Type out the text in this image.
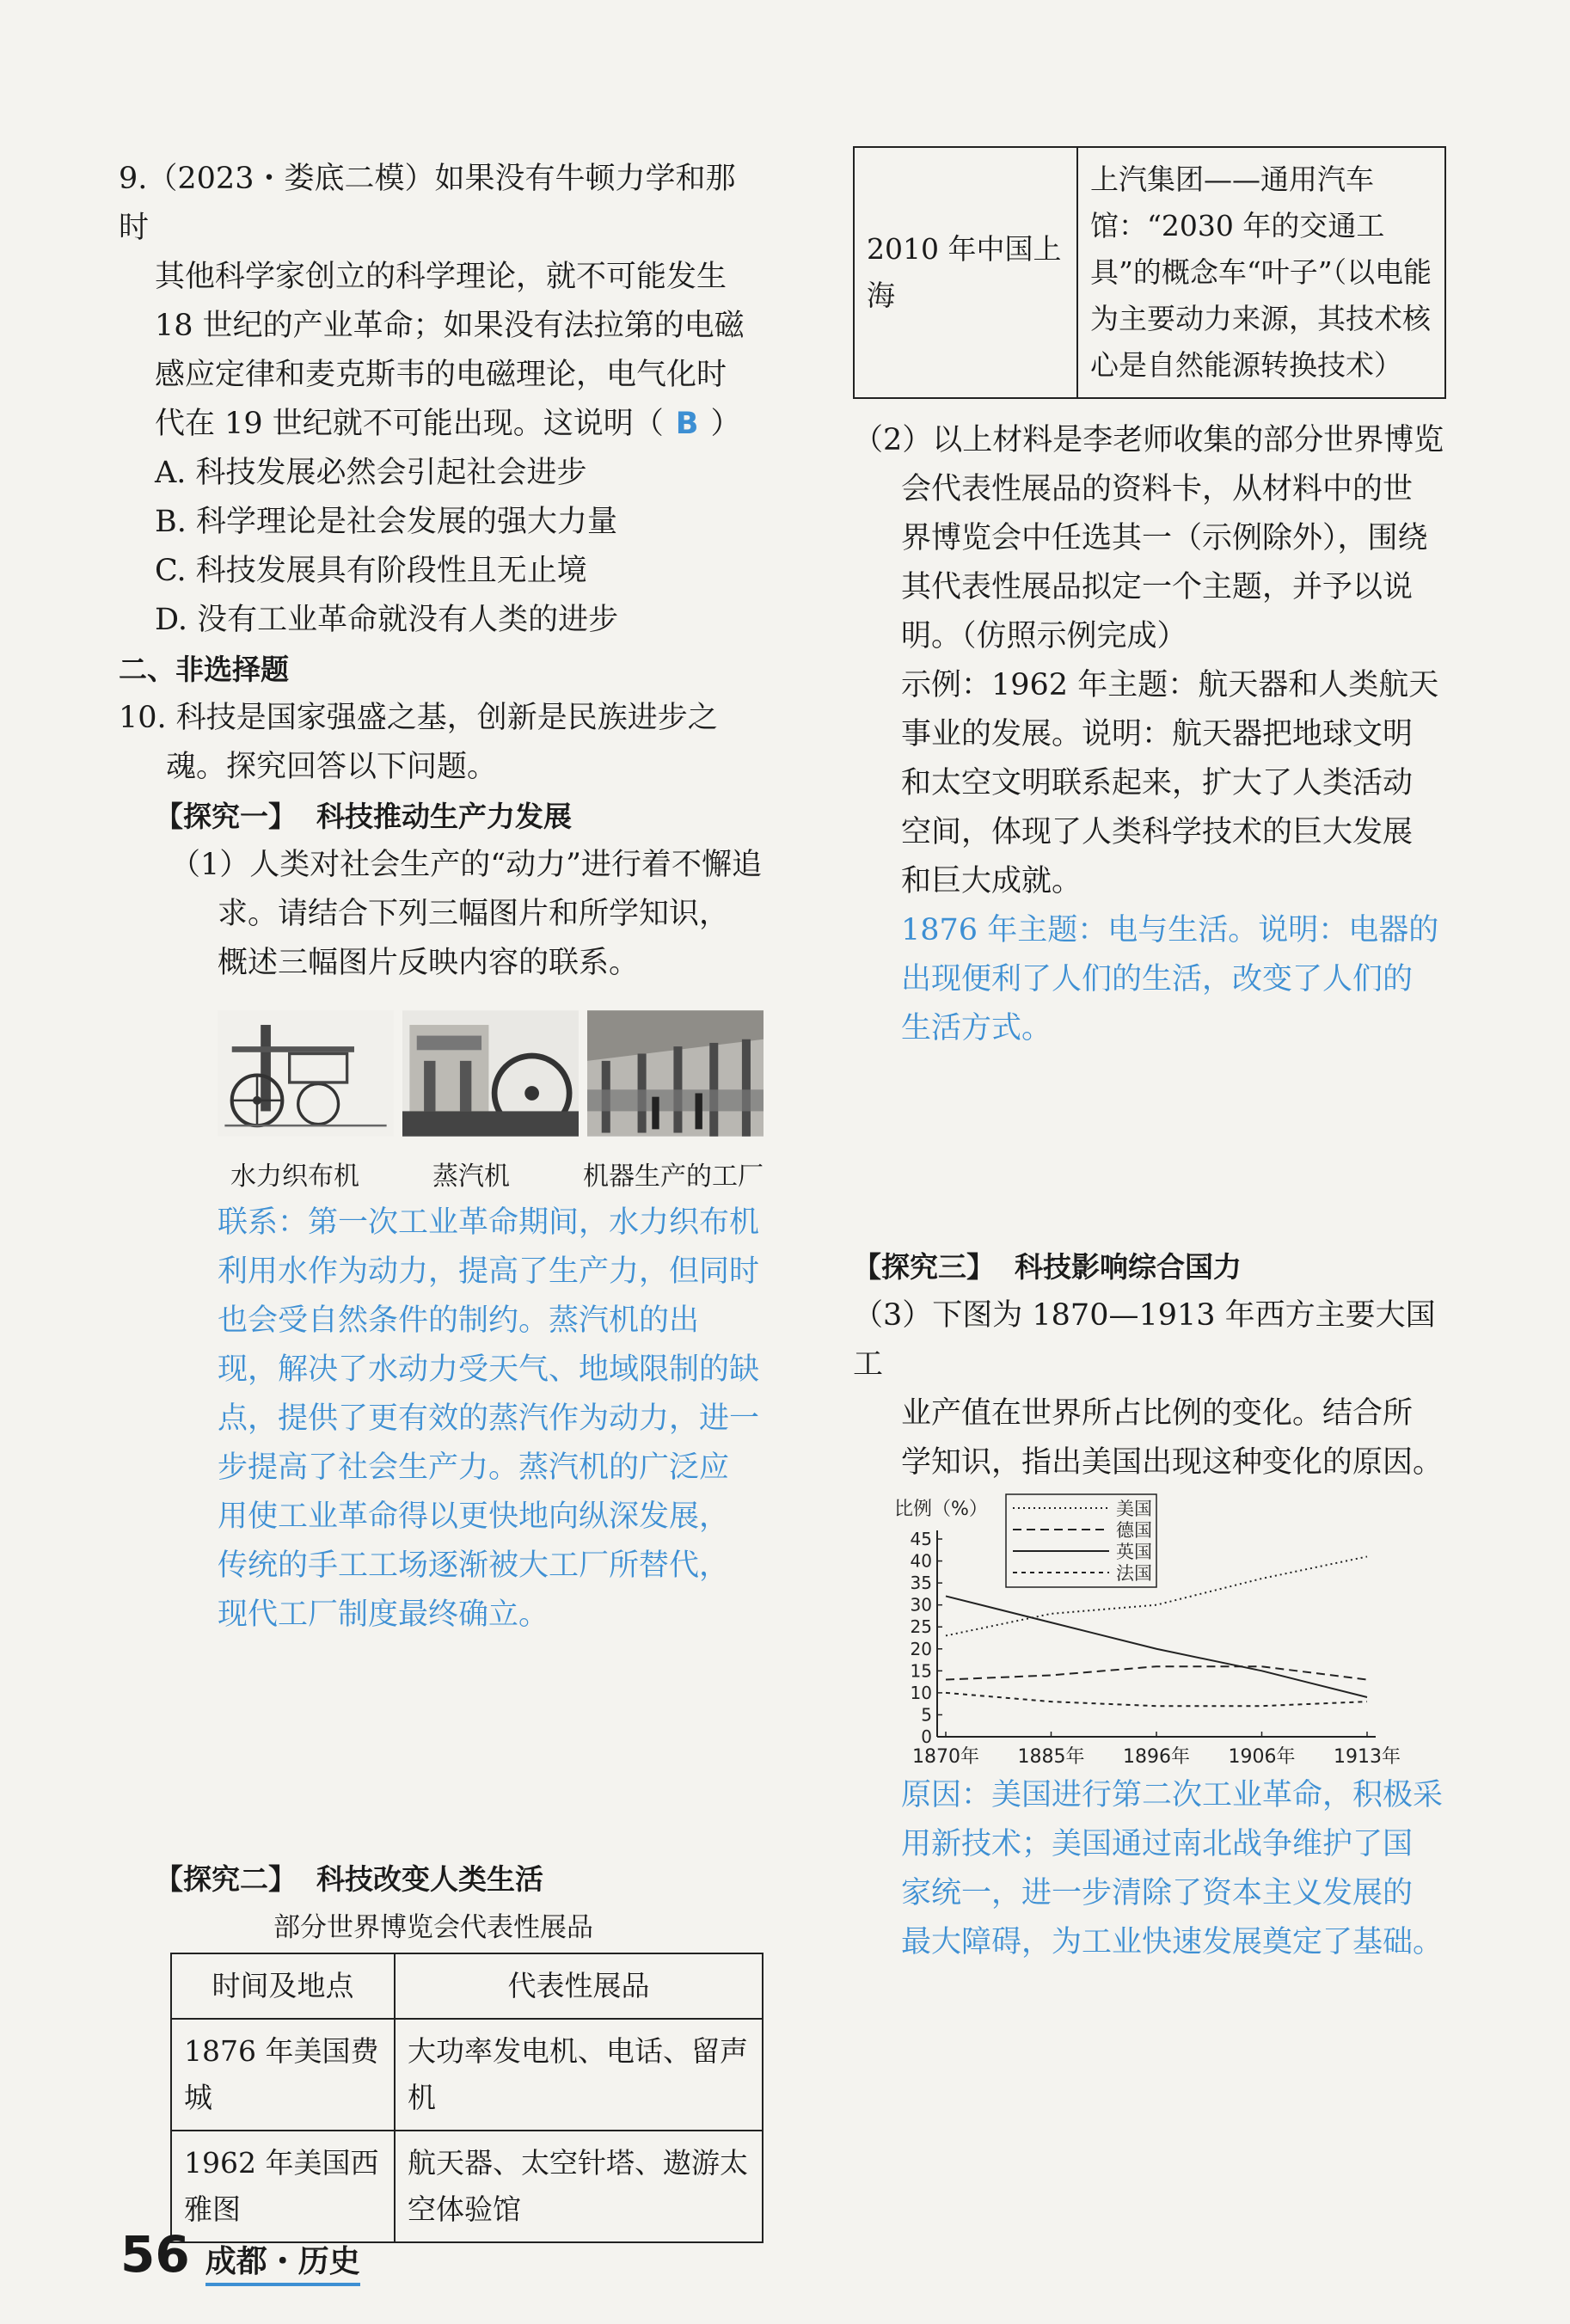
9.（2023・娄底二模）如果没有牛顿力学和那时
其他科学家创立的科学理论，就不可能发生
18 世纪的产业革命；如果没有法拉第的电磁
感应定律和麦克斯韦的电磁理论，电气化时
代在 19 世纪就不可能出现。这说明（ B ）
A. 科技发展必然会引起社会进步
B. 科学理论是社会发展的强大力量
C. 科技发展具有阶段性且无止境
D. 没有工业革命就没有人类的进步
二、非选择题
10. 科技是国家强盛之基，创新是民族进步之
魂。探究回答以下问题。
【探究一】  科技推动生产力发展
（1）人类对社会生产的“动力”进行着不懈追
求。请结合下列三幅图片和所学知识，
概述三幅图片反映内容的联系。
水力织布机	蒸汽机	机器生产的工厂
联系：第一次工业革命期间，水力织布机
利用水作为动力，提高了生产力，但同时
也会受自然条件的制约。蒸汽机的出
现，解决了水动力受天气、地域限制的缺
点，提供了更有效的蒸汽作为动力，进一
步提高了社会生产力。蒸汽机的广泛应
用使工业革命得以更快地向纵深发展，
传统的手工工场逐渐被大工厂所替代，
现代工厂制度最终确立。
【探究二】  科技改变人类生活
部分世界博览会代表性展品
时间及地点	代表性展品
1876 年美国费城	大功率发电机、电话、留声机
1962 年美国西雅图	航天器、太空针塔、遨游太空体验馆
2010 年中国上海	上汽集团——通用汽车馆：“2030 年的交通工具”的概念车“叶子”（以电能为主要动力来源，其技术核心是自然能源转换技术）
（2）以上材料是李老师收集的部分世界博览
会代表性展品的资料卡，从材料中的世
界博览会中任选其一（示例除外），围绕
其代表性展品拟定一个主题，并予以说
明。（仿照示例完成）
示例：1962 年主题：航天器和人类航天
事业的发展。说明：航天器把地球文明
和太空文明联系起来，扩大了人类活动
空间，体现了人类科学技术的巨大发展
和巨大成就。
1876 年主题：电与生活。说明：电器的
出现便利了人们的生活，改变了人们的
生活方式。
【探究三】  科技影响综合国力
（3）下图为 1870—1913 年西方主要大国工
业产值在世界所占比例的变化。结合所
学知识，指出美国出现这种变化的原因。
比例（%）
0
5
10
15
20
25
30
35
40
45
1870年 1885年 1896年 1906年 1913年
美国
德国
英国
法国
原因：美国进行第二次工业革命，积极采
用新技术；美国通过南北战争维护了国
家统一，进一步清除了资本主义发展的
最大障碍，为工业快速发展奠定了基础。
56 成都・历史
